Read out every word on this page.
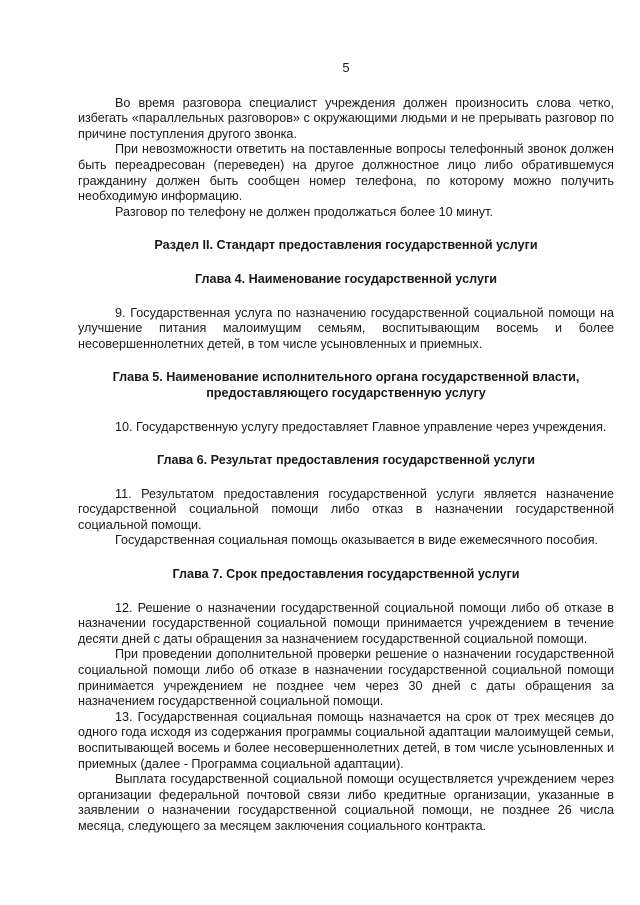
5

Во время разговора специалист учреждения должен произносить слова четко, избегать «параллельных разговоров» с окружающими людьми и не прерывать разговор по причине поступления другого звонка.

При невозможности ответить на поставленные вопросы телефонный звонок должен быть переадресован (переведен) на другое должностное лицо либо обратившемуся гражданину должен быть сообщен номер телефона, по которому можно получить необходимую информацию.

Разговор по телефону не должен продолжаться более 10 минут.

Раздел II. Стандарт предоставления государственной услуги
Глава 4. Наименование государственной услуги

9. Государственная услуга по назначению государственной социальной помощи на улучшение питания малоимущим семьям, воспитывающим восемь и более несовершеннолетних детей, в том числе усыновленных и приемных.

Глава 5. Наименование исполнительного органа государственной власти, предоставляющего государственную услугу

10. Государственную услугу предоставляет Главное управление через учреждения.

Глава 6. Результат предоставления государственной услуги

11. Результатом предоставления государственной услуги является назначение государственной социальной помощи либо отказ в назначении государственной социальной помощи.

Государственная социальная помощь оказывается в виде ежемесячного пособия.

Глава 7. Срок предоставления государственной услуги

12. Решение о назначении государственной социальной помощи либо об отказе в назначении государственной социальной помощи принимается учреждением в течение десяти дней с даты обращения за назначением государственной социальной помощи.

При проведении дополнительной проверки решение о назначении государственной социальной помощи либо об отказе в назначении государственной социальной помощи принимается учреждением не позднее чем через 30 дней с даты обращения за назначением государственной социальной помощи.

13. Государственная социальная помощь назначается на срок от трех месяцев до одного года исходя из содержания программы социальной адаптации малоимущей семьи, воспитывающей восемь и более несовершеннолетних детей, в том числе усыновленных и приемных (далее - Программа социальной адаптации).

Выплата государственной социальной помощи осуществляется учреждением через организации федеральной почтовой связи либо кредитные организации, указанные в заявлении о назначении государственной социальной помощи, не позднее 26 числа месяца, следующего за месяцем заключения социального контракта.
